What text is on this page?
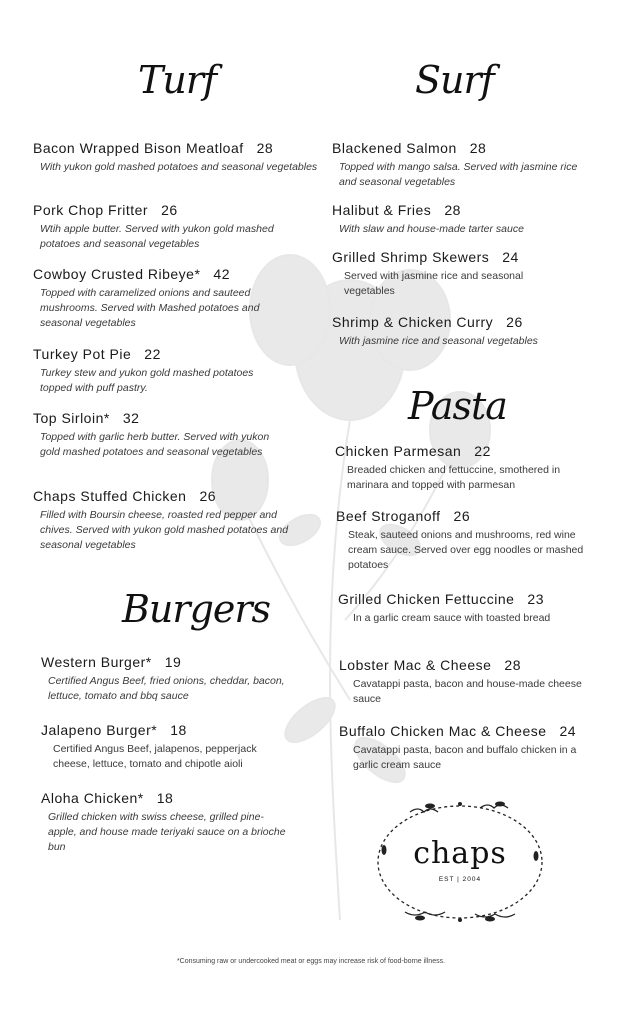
Turf	Surf
Pasta
Burgers
Bacon Wrapped Bison Meatloaf 28
With yukon gold mashed potatoes and seasonal vegetables
Pork Chop Fritter 26
Wtih apple butter. Served with yukon gold mashed potatoes and seasonal vegetables
Cowboy Crusted Ribeye* 42
Topped with caramelized onions and sauteed mushrooms. Served with Mashed potatoes and seasonal vegetables
Turkey Pot Pie 22
Turkey stew and yukon gold mashed potatoes topped with puff pastry.
Top Sirloin* 32
Topped with garlic herb butter. Served with yukon gold mashed potatoes and seasonal vegetables
Chaps Stuffed Chicken 26
Filled with Boursin cheese, roasted red pepper and chives. Served with yukon gold mashed potatoes and seasonal vegetables
Western Burger* 19
Certified Angus Beef, fried onions, cheddar, bacon, lettuce, tomato and bbq sauce
Jalapeno Burger* 18
Certified Angus Beef, jalapenos, pepperjack cheese, lettuce, tomato and chipotle aioli
Aloha Chicken* 18
Grilled chicken with swiss cheese, grilled pine-apple, and house made teriyaki sauce on a brioche bun
Blackened Salmon 28
Topped with mango salsa. Served with jasmine rice and seasonal vegetables
Halibut & Fries 28
With slaw and house-made tarter sauce
Grilled Shrimp Skewers 24
Served with jasmine rice and seasonal vegetables
Shrimp & Chicken Curry 26
With jasmine rice and seasonal vegetables
Chicken Parmesan 22
Breaded chicken and fettuccine, smothered in marinara and topped with parmesan
Beef Stroganoff 26
Steak, sauteed onions and mushrooms, red wine cream sauce. Served over egg noodles or mashed potatoes
Grilled Chicken Fettuccine 23
In a garlic cream sauce with toasted bread
Lobster Mac & Cheese 28
Cavatappi pasta, bacon and house-made cheese sauce
Buffalo Chicken Mac & Cheese 24
Cavatappi pasta, bacon and buffalo chicken in a garlic cream sauce
chaps
EST | 2004
*Consuming raw or undercooked meat or eggs may increase risk of food-borne illness.
